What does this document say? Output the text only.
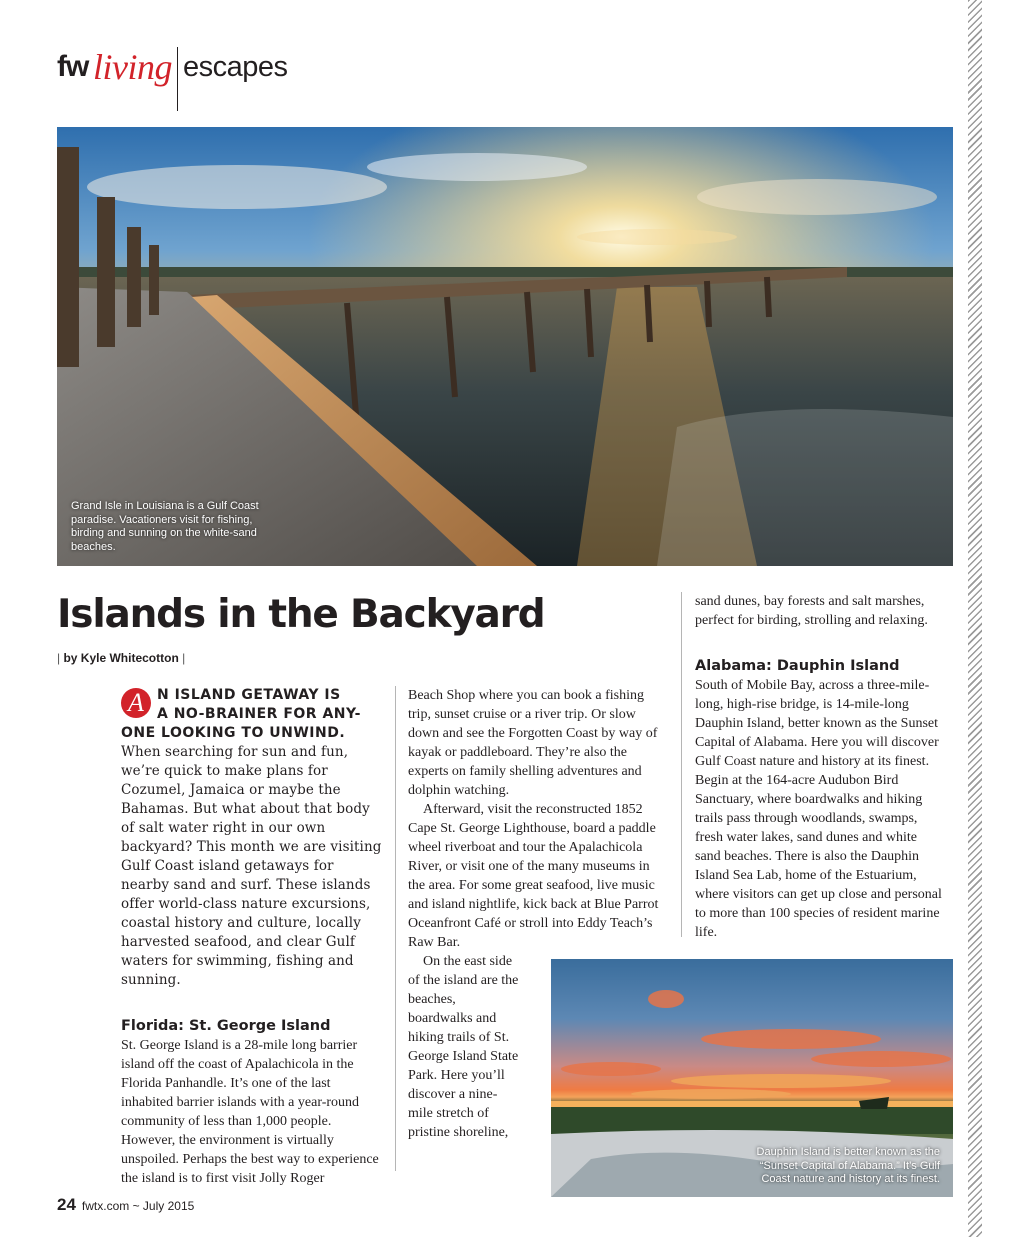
fw living escapes
Grand Isle in Louisiana is a Gulf Coast paradise. Vacationers visit for fishing, birding and sunning on the white-sand beaches.
Islands in the Backyard
| by Kyle Whitecotton |
A N ISLAND GETAWAY IS
A NO-BRAINER FOR ANY-
ONE LOOKING TO UNWIND.

When searching for sun and fun, we’re quick to make plans for Cozumel, Jamaica or maybe the Bahamas. But what about that body of salt water right in our own backyard? This month we are visiting Gulf Coast island getaways for nearby sand and surf. These islands offer world-class nature excursions, coastal history and culture, locally harvested seafood, and clear Gulf waters for swimming, fishing and sunning.

Florida: St. George Island

St. George Island is a 28-mile long barrier island off the coast of Apalachicola in the Florida Panhandle. It’s one of the last inhabited barrier islands with a year-round community of less than 1,000 people. However, the environment is virtually unspoiled. Perhaps the best way to experience the island is to first visit Jolly Roger

Beach Shop where you can book a fishing trip, sunset cruise or a river trip. Or slow down and see the Forgotten Coast by way of kayak or paddleboard. They’re also the experts on family shelling adventures and dolphin watching.

Afterward, visit the reconstructed 1852 Cape St. George Lighthouse, board a paddle wheel riverboat and tour the Apalachicola River, or visit one of the many museums in the area. For some great seafood, live music and island nightlife, kick back at Blue Parrot Oceanfront Café or stroll into Eddy Teach’s Raw Bar.

On the east side of the island are the beaches, boardwalks and hiking trails of St. George Island State Park. Here you’ll discover a nine-mile stretch of pristine shoreline,

sand dunes, bay forests and salt marshes, perfect for birding, strolling and relaxing.

Alabama: Dauphin Island

South of Mobile Bay, across a three-mile-long, high-rise bridge, is 14-mile-long Dauphin Island, better known as the Sunset Capital of Alabama. Here you will discover Gulf Coast nature and history at its finest. Begin at the 164-acre Audubon Bird Sanctuary, where boardwalks and hiking trails pass through woodlands, swamps, fresh water lakes, sand dunes and white sand beaches. There is also the Dauphin Island Sea Lab, home of the Estuarium, where visitors can get up close and personal to more than 100 species of resident marine life.

Dauphin Island is better known as the “Sunset Capital of Alabama.” It’s Gulf Coast nature and history at its finest.
24 fwtx.com ~ July 2015
